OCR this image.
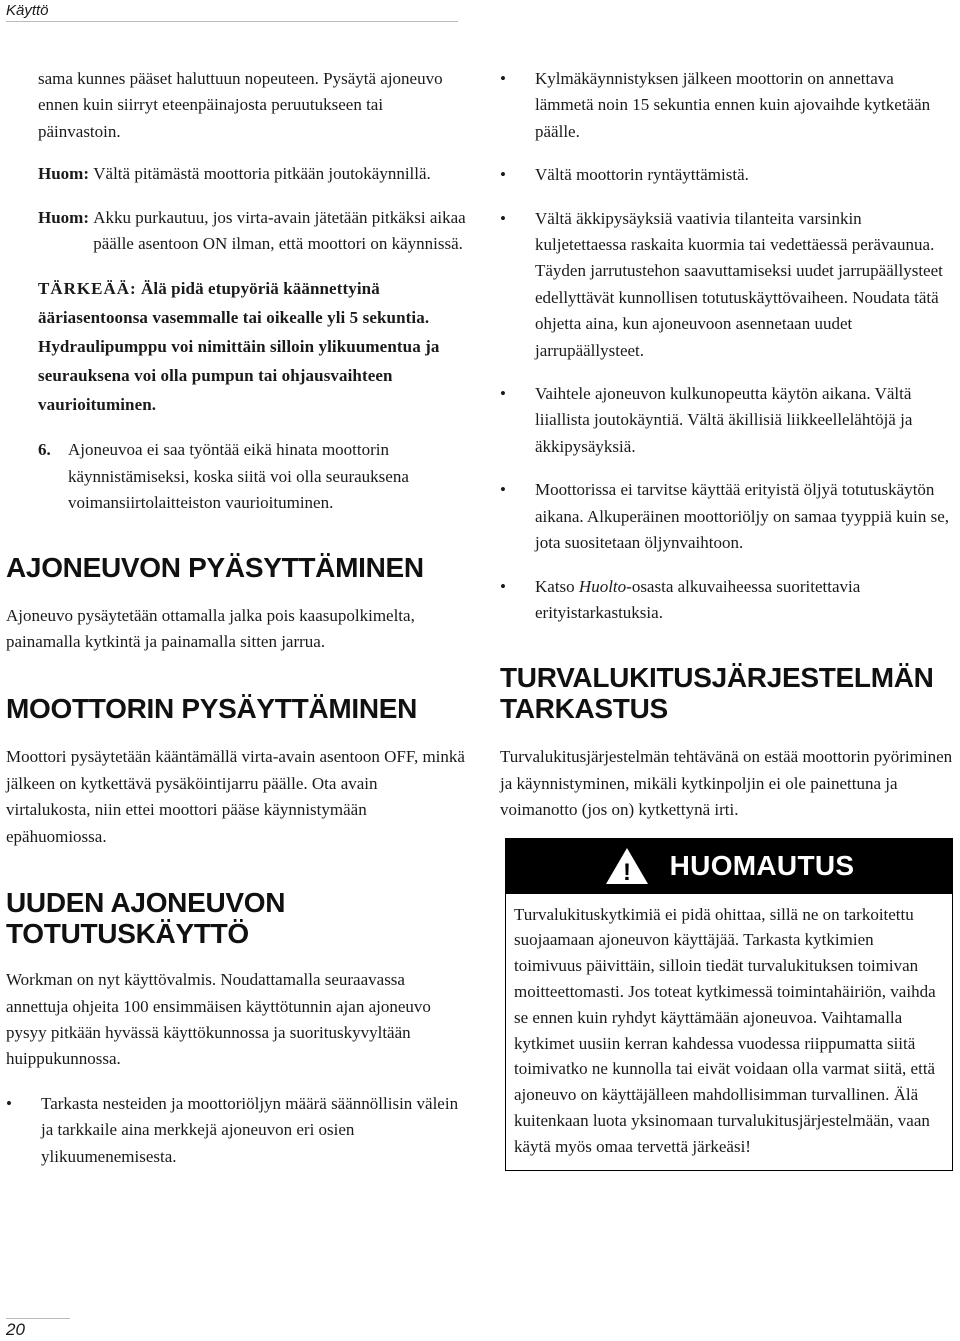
Käyttö

sama kunnes pääset haluttuun nopeuteen. Pysäytä ajoneuvo ennen kuin siirryt eteenpäinajosta peruutukseen tai päinvastoin.

Huom: Vältä pitämästä moottoria pitkään joutokäynnillä.
Huom: Akku purkautuu, jos virta-avain jätetään pitkäksi aikaa päälle asentoon ON ilman, että moottori on käynnissä.

TÄRKEÄÄ: Älä pidä etupyöriä käännettyinä ääriasentoonsa vasemmalle tai oikealle yli 5 sekuntia. Hydraulipumppu voi nimittäin silloin ylikuumentua ja seurauksena voi olla pumpun tai ohjausvaihteen vaurioituminen.

6.	Ajoneuvoa ei saa työntää eikä hinata moottorin käynnistämiseksi, koska siitä voi olla seurauksena voimansiirtolaitteiston vaurioituminen.
AJONEUVON PYÄSYTTÄMINEN

Ajoneuvo pysäytetään ottamalla jalka pois kaasupolkimelta, painamalla kytkintä ja painamalla sitten jarrua.

MOOTTORIN PYSÄYTTÄMINEN

Moottori pysäytetään kääntämällä virta-avain asentoon OFF, minkä jälkeen on kytkettävä pysäköintijarru päälle. Ota avain virtalukosta, niin ettei moottori pääse käynnistymään epähuomiossa.

UUDEN AJONEUVON
TOTUTUSKÄYTTÖ

Workman on nyt käyttövalmis. Noudattamalla seuraavassa annettuja ohjeita 100 ensimmäisen käyttötunnin ajan ajoneuvo pysyy pitkään hyvässä käyttökunnossa ja suorituskyvyltään huippukunnossa.

• Tarkasta nesteiden ja moottoriöljyn määrä säännöllisin välein ja tarkkaile aina merkkejä ajoneuvon eri osien ylikuumenemisesta.
• Kylmäkäynnistyksen jälkeen moottorin on annettava lämmetä noin 15 sekuntia ennen kuin ajovaihde kytketään päälle.
• Vältä moottorin ryntäyttämistä.
• Vältä äkkipysäyksiä vaativia tilanteita varsinkin kuljetettaessa raskaita kuormia tai vedettäessä perävaunua. Täyden jarrutustehon saavuttamiseksi uudet jarrupäällysteet edellyttävät kunnollisen totutuskäyttövaiheen. Noudata tätä ohjetta aina, kun ajoneuvoon asennetaan uudet jarrupäällysteet.
• Vaihtele ajoneuvon kulkunopeutta käytön aikana. Vältä liiallista joutokäyntiä. Vältä äkillisiä liikkeellelähtöjä ja äkkipysäyksiä.
• Moottorissa ei tarvitse käyttää erityistä öljyä totutuskäytön aikana. Alkuperäinen moottoriöljy on samaa tyyppiä kuin se, jota suositetaan öljynvaihtoon.
• Katso Huolto-osasta alkuvaiheessa suoritettavia erityistarkastuksia.
TURVALUKITUSJÄRJESTELMÄN
TARKASTUS

Turvalukitusjärjestelmän tehtävänä on estää moottorin pyöriminen ja käynnistyminen, mikäli kytkinpoljin ei ole painettuna ja voimanotto (jos on) kytkettynä irti.

! HUOMAUTUS
Turvalukituskytkimiä ei pidä ohittaa, sillä ne on tarkoitettu suojaamaan ajoneuvon käyttäjää. Tarkasta kytkimien toimivuus päivittäin, silloin tiedät turvalukituksen toimivan moitteettomasti. Jos toteat kytkimessä toimintahäiriön, vaihda se ennen kuin ryhdyt käyttämään ajoneuvoa. Vaihtamalla kytkimet uusiin kerran kahdessa vuodessa riippumatta siitä toimivatko ne kunnolla tai eivät voidaan olla varmat siitä, että ajoneuvo on käyttäjälleen mahdollisimman turvallinen. Älä kuitenkaan luota yksinomaan turvalukitusjärjestelmään, vaan käytä myös omaa tervettä järkeäsi!
20
